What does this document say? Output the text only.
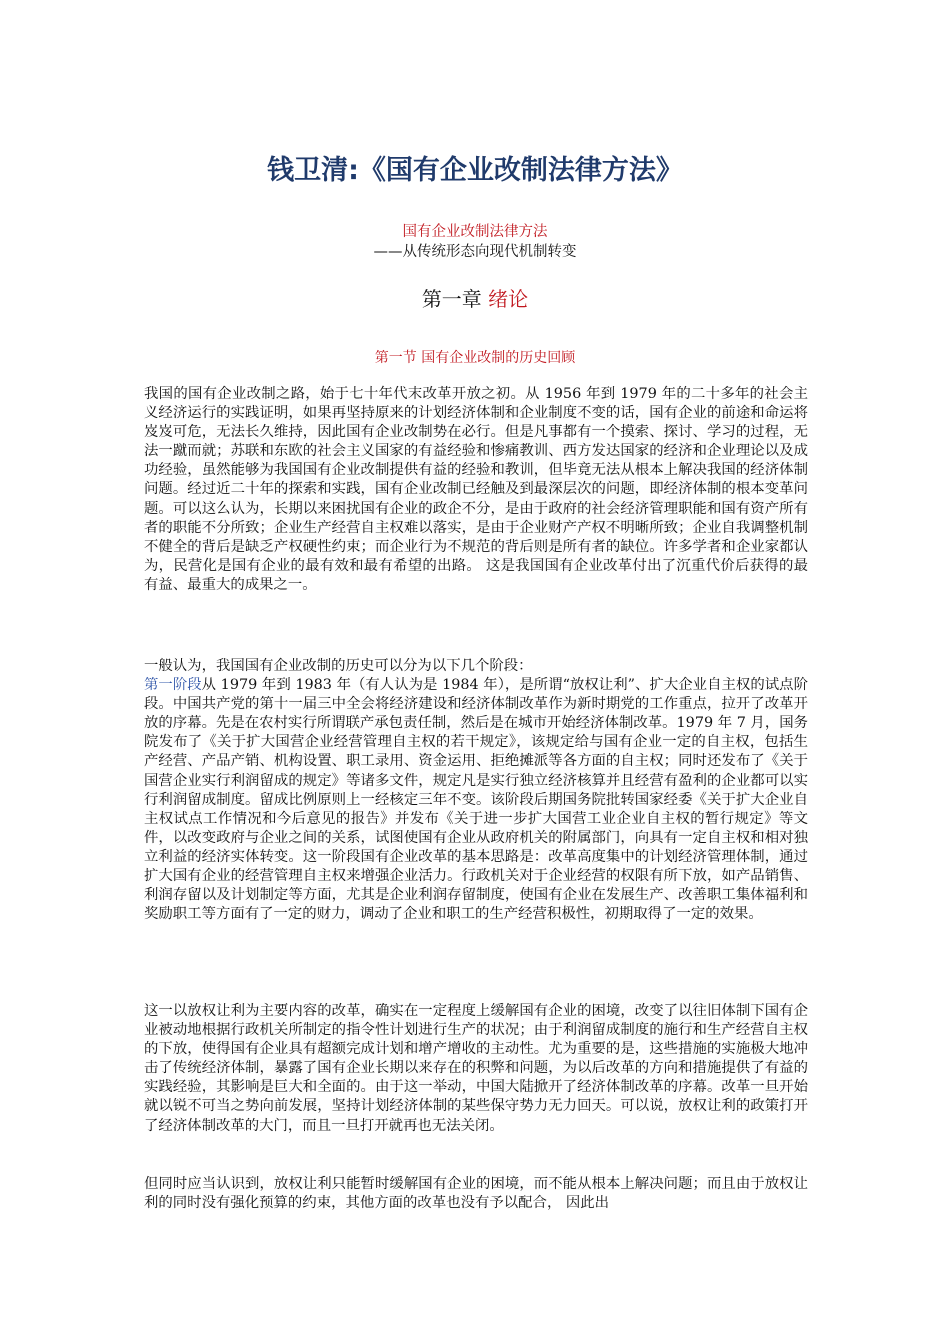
钱卫清:《国有企业改制法律方法》
国有企业改制法律方法
——从传统形态向现代机制转变
第一章 绪论
第一节 国有企业改制的历史回顾

我国的国有企业改制之路，始于七十年代末改革开放之初。从 1956 年到 1979 年的二十多年的社会主义经济运行的实践证明，如果再坚持原来的计划经济体制和企业制度不变的话，国有企业的前途和命运将岌岌可危，无法长久维持，因此国有企业改制势在必行。但是凡事都有一个摸索、探讨、学习的过程，无法一蹴而就；苏联和东欧的社会主义国家的有益经验和惨痛教训、西方发达国家的经济和企业理论以及成功经验，虽然能够为我国国有企业改制提供有益的经验和教训，但毕竟无法从根本上解决我国的经济体制问题。经过近二十年的探索和实践，国有企业改制已经触及到最深层次的问题，即经济体制的根本变革问题。可以这么认为，长期以来困扰国有企业的政企不分，是由于政府的社会经济管理职能和国有资产所有者的职能不分所致；企业生产经营自主权难以落实，是由于企业财产产权不明晰所致；企业自我调整机制不健全的背后是缺乏产权硬性约束；而企业行为不规范的背后则是所有者的缺位。许多学者和企业家都认为，民营化是国有企业的最有效和最有希望的出路。 这是我国国有企业改革付出了沉重代价后获得的最有益、最重大的成果之一。

一般认为，我国国有企业改制的历史可以分为以下几个阶段：
第一阶段从 1979 年到 1983 年（有人认为是 1984 年），是所谓“放权让利”、扩大企业自主权的试点阶段。中国共产党的第十一届三中全会将经济建设和经济体制改革作为新时期党的工作重点，拉开了改革开放的序幕。先是在农村实行所谓联产承包责任制，然后是在城市开始经济体制改革。1979 年 7 月，国务院发布了《关于扩大国营企业经营管理自主权的若干规定》，该规定给与国有企业一定的自主权，包括生产经营、产品产销、机构设置、职工录用、资金运用、拒绝摊派等各方面的自主权；同时还发布了《关于国营企业实行利润留成的规定》等诸多文件，规定凡是实行独立经济核算并且经营有盈利的企业都可以实行利润留成制度。留成比例原则上一经核定三年不变。该阶段后期国务院批转国家经委《关于扩大企业自主权试点工作情况和今后意见的报告》并发布《关于进一步扩大国营工业企业自主权的暂行规定》等文件，以改变政府与企业之间的关系，试图使国有企业从政府机关的附属部门，向具有一定自主权和相对独立利益的经济实体转变。这一阶段国有企业改革的基本思路是：改革高度集中的计划经济管理体制，通过扩大国有企业的经营管理自主权来增强企业活力。行政机关对于企业经营的权限有所下放，如产品销售、利润存留以及计划制定等方面，尤其是企业利润存留制度，使国有企业在发展生产、改善职工集体福利和奖励职工等方面有了一定的财力，调动了企业和职工的生产经营积极性，初期取得了一定的效果。

这一以放权让利为主要内容的改革，确实在一定程度上缓解国有企业的困境，改变了以往旧体制下国有企业被动地根据行政机关所制定的指令性计划进行生产的状况；由于利润留成制度的施行和生产经营自主权的下放，使得国有企业具有超额完成计划和增产增收的主动性。尤为重要的是，这些措施的实施极大地冲击了传统经济体制，暴露了国有企业长期以来存在的积弊和问题，为以后改革的方向和措施提供了有益的实践经验，其影响是巨大和全面的。由于这一举动，中国大陆掀开了经济体制改革的序幕。改革一旦开始就以锐不可当之势向前发展，坚持计划经济体制的某些保守势力无力回天。可以说，放权让利的政策打开了经济体制改革的大门，而且一旦打开就再也无法关闭。

但同时应当认识到，放权让利只能暂时缓解国有企业的困境，而不能从根本上解决问题；而且由于放权让利的同时没有强化预算的约束，其他方面的改革也没有予以配合， 因此出
